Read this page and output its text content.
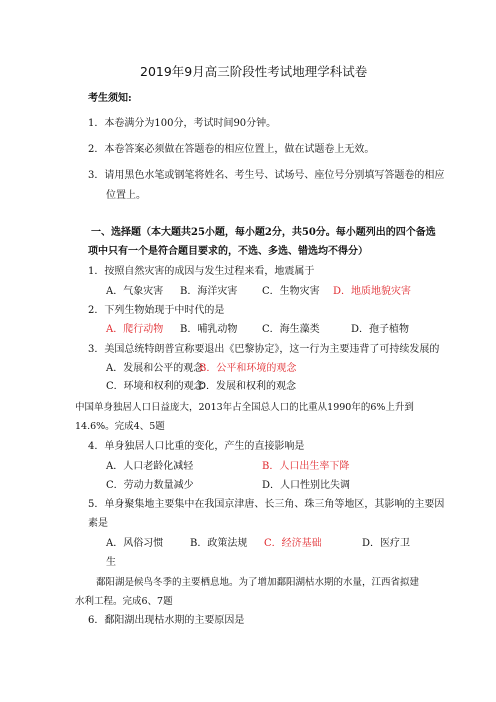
2019年9月高三阶段性考试地理学科试卷
考生须知:
1．本卷满分为100分，考试时间90分钟。
2．本卷答案必须做在答题卷的相应位置上，做在试题卷上无效。
3．请用黑色水笔或钢笔将姓名、考生号、试场号、座位号分别填写答题卷的相应
位置上。
一、选择题（本大题共25小题，每小题2分，共50分。每小题列出的四个备选
项中只有一个是符合题目要求的，不选、多选、错选均不得分）
1．按照自然灾害的成因与发生过程来看，地震属于
A．气象灾害 B．海洋灾害 C．生物灾害 D．地质地貌灾害
2．下列生物始现于中时代的是
A．爬行动物 B．哺乳动物 C．海生藻类	D．孢子植物
3．美国总统特朗普宣称要退出《巴黎协定》，这一行为主要违背了可持续发展的
A．发展和公平的观念
B．公平和环境的观念
C．环境和权利的观念
D．发展和权利的观念
中国单身独居人口日益庞大，2013年占全国总人口的比重从1990年的6%上升到
14.6%。完成4、5题
4．单身独居人口比重的变化，产生的直接影响是
A．人口老龄化减轻	B．人口出生率下降
C．劳动力数量减少	D．人口性别比失调
5．单身聚集地主要集中在我国京津唐、长三角、珠三角等地区，其影响的主要因
素是
A．风俗习惯	B．政策法规 C．经济基础	D．医疗卫
生
鄱阳湖是候鸟冬季的主要栖息地。为了增加鄱阳湖枯水期的水量，江西省拟建
水利工程。完成6、7题
6．鄱阳湖出现枯水期的主要原因是
